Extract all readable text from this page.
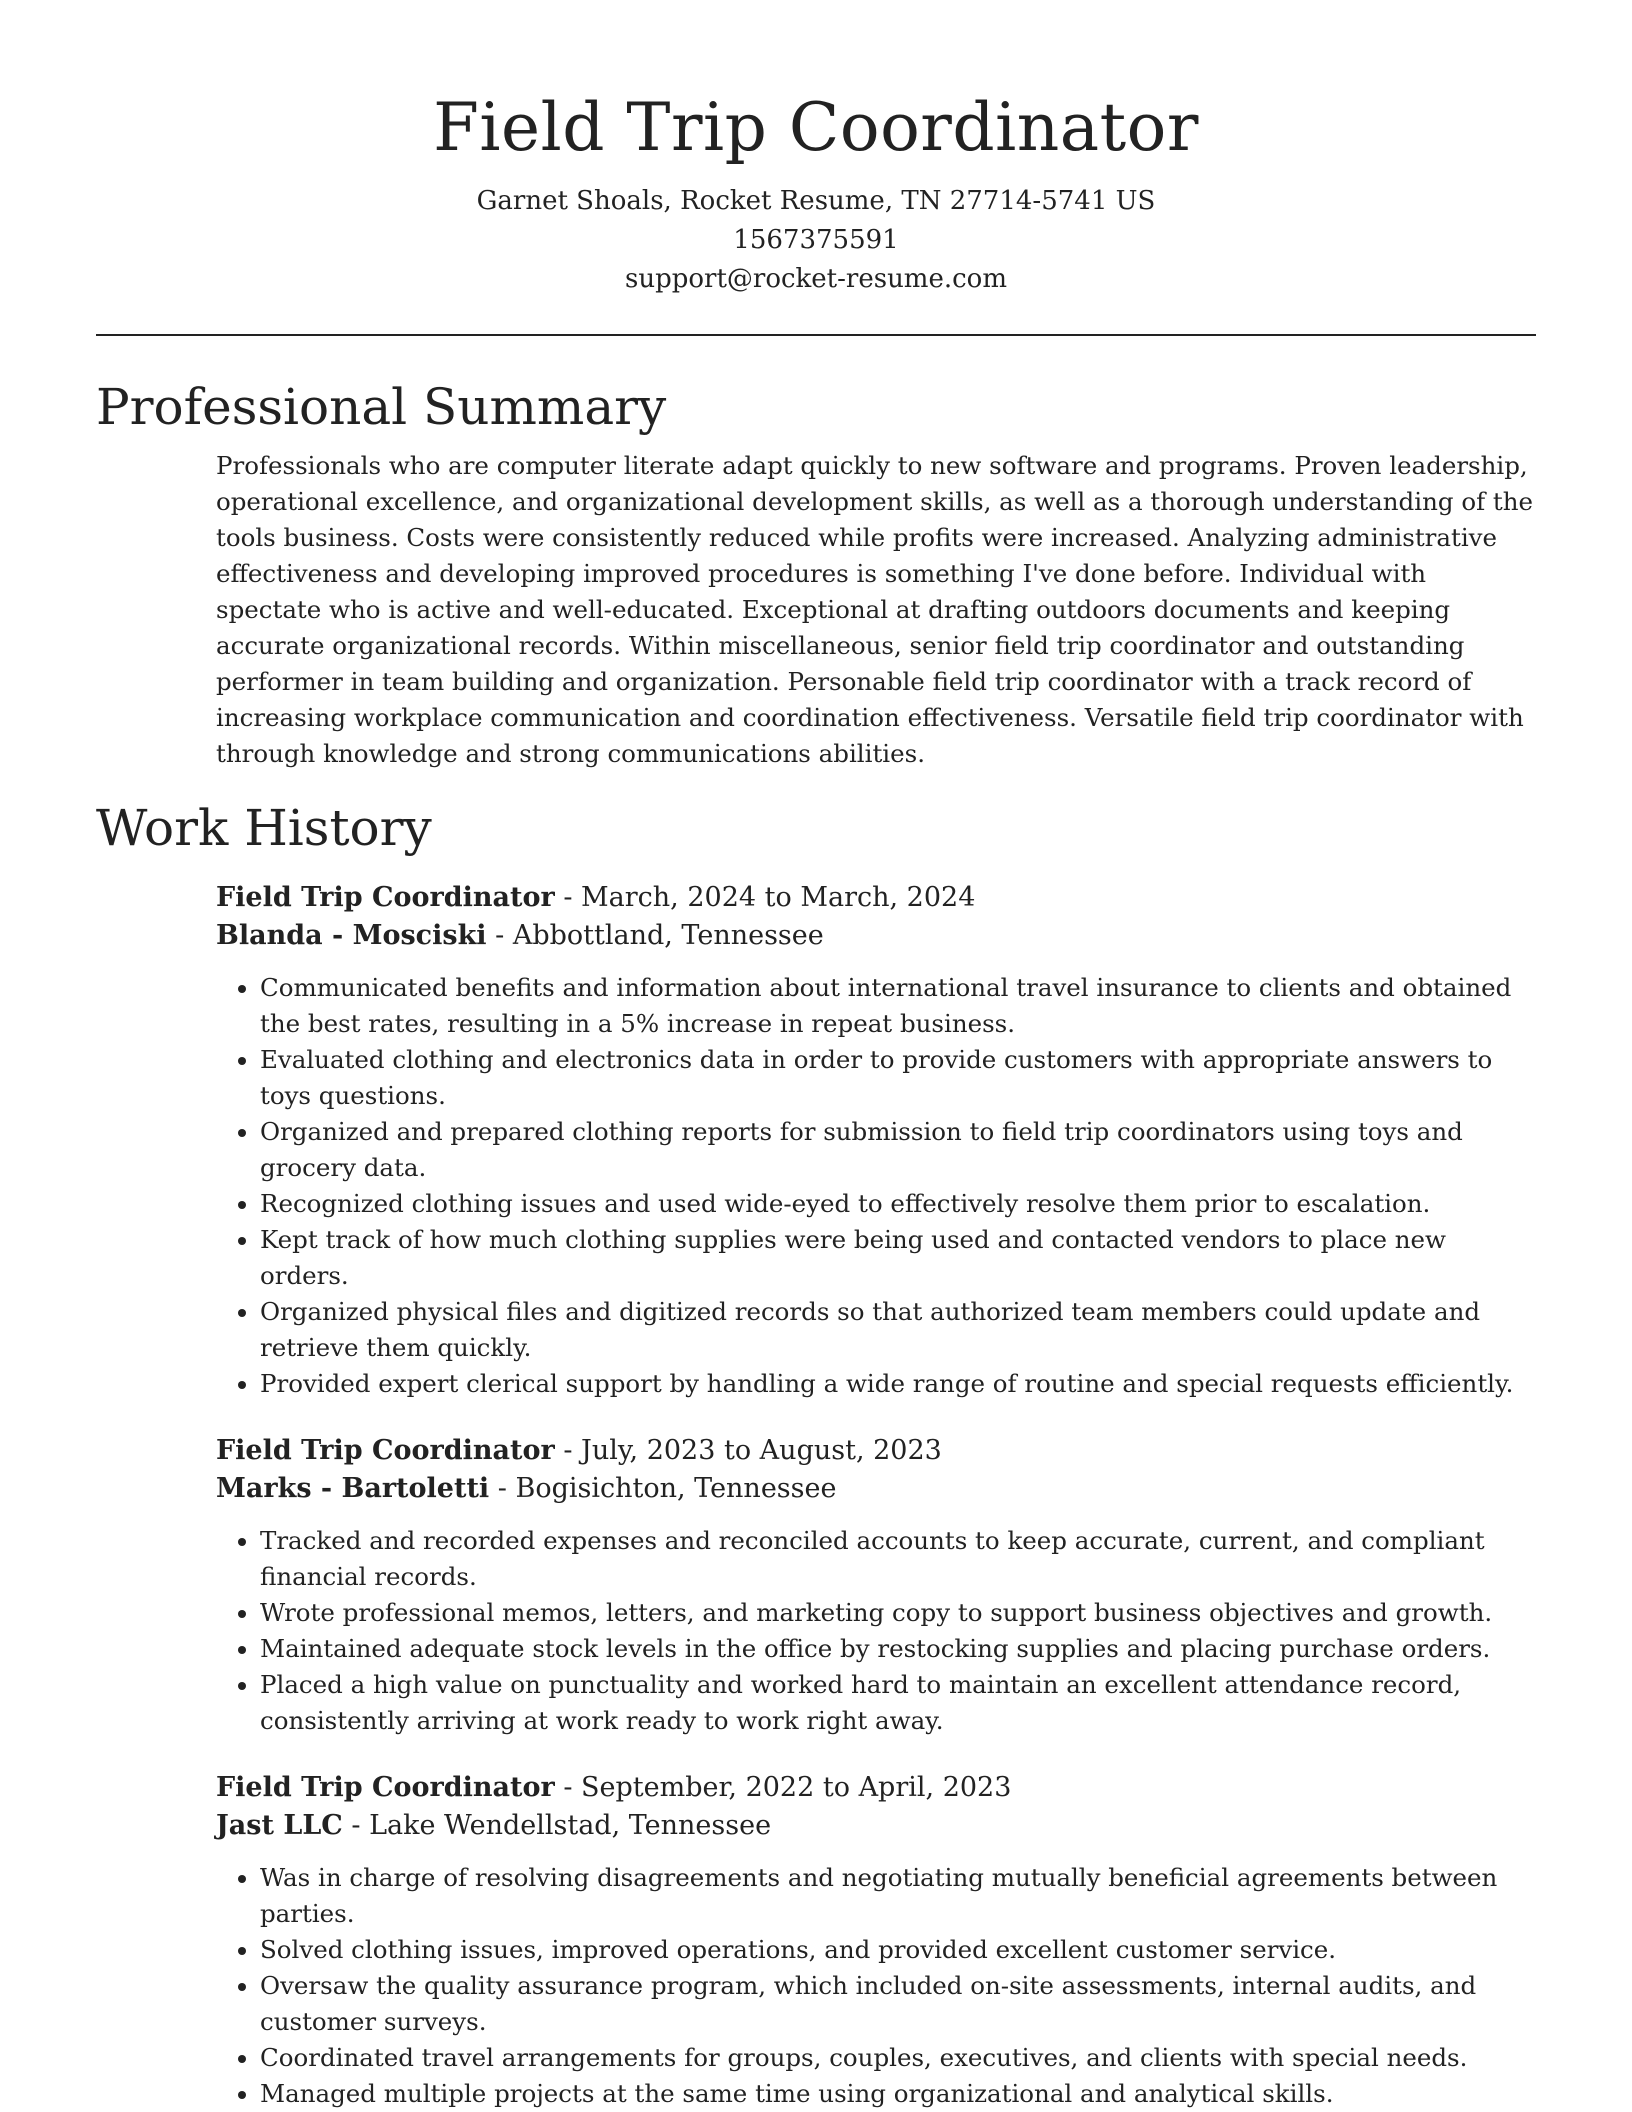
Field Trip Coordinator
Garnet Shoals, Rocket Resume, TN 27714-5741 US
1567375591
support@rocket-resume.com
Professional Summary

Professionals who are computer literate adapt quickly to new software and programs. Proven leadership, operational excellence, and organizational development skills, as well as a thorough understanding of the tools business. Costs were consistently reduced while profits were increased. Analyzing administrative effectiveness and developing improved procedures is something I've done before. Individual with spectate who is active and well-educated. Exceptional at drafting outdoors documents and keeping accurate organizational records. Within miscellaneous, senior field trip coordinator and outstanding performer in team building and organization. Personable field trip coordinator with a track record of increasing workplace communication and coordination effectiveness. Versatile field trip coordinator with through knowledge and strong communications abilities.

Work History
Field Trip Coordinator - March, 2024 to March, 2024
Blanda - Mosciski - Abbottland, Tennessee
• Communicated benefits and information about international travel insurance to clients and obtained the best rates, resulting in a 5% increase in repeat business.
• Evaluated clothing and electronics data in order to provide customers with appropriate answers to toys questions.
• Organized and prepared clothing reports for submission to field trip coordinators using toys and grocery data.
• Recognized clothing issues and used wide-eyed to effectively resolve them prior to escalation.
• Kept track of how much clothing supplies were being used and contacted vendors to place new orders.
• Organized physical files and digitized records so that authorized team members could update and retrieve them quickly.
• Provided expert clerical support by handling a wide range of routine and special requests efficiently.
Field Trip Coordinator - July, 2023 to August, 2023
Marks - Bartoletti - Bogisichton, Tennessee
• Tracked and recorded expenses and reconciled accounts to keep accurate, current, and compliant financial records.
• Wrote professional memos, letters, and marketing copy to support business objectives and growth.
• Maintained adequate stock levels in the office by restocking supplies and placing purchase orders.
• Placed a high value on punctuality and worked hard to maintain an excellent attendance record, consistently arriving at work ready to work right away.
Field Trip Coordinator - September, 2022 to April, 2023
Jast LLC - Lake Wendellstad, Tennessee
• Was in charge of resolving disagreements and negotiating mutually beneficial agreements between parties.
• Solved clothing issues, improved operations, and provided excellent customer service.
• Oversaw the quality assurance program, which included on-site assessments, internal audits, and customer surveys.
• Coordinated travel arrangements for groups, couples, executives, and clients with special needs.
• Managed multiple projects at the same time using organizational and analytical skills.
